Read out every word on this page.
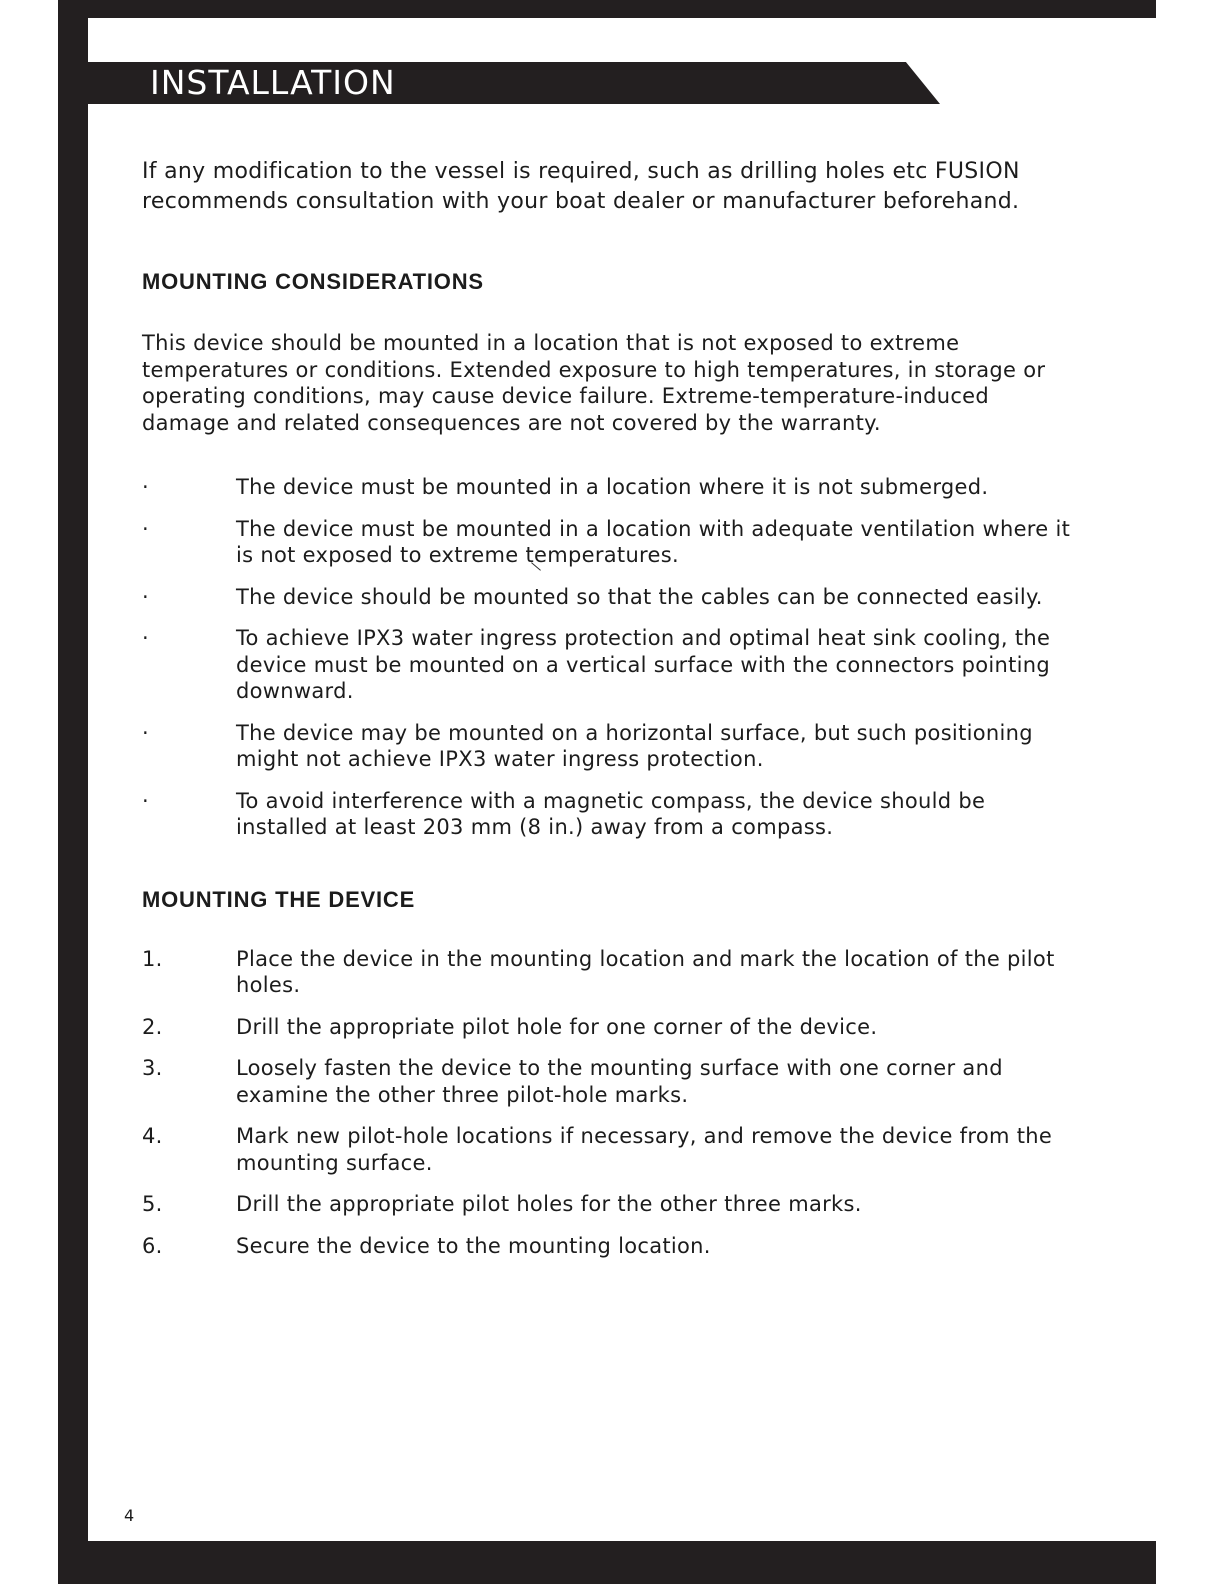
INSTALLATION

If any modification to the vessel is required, such as drilling holes etc FUSION recommends consultation with your boat dealer or manufacturer beforehand.

MOUNTING CONSIDERATIONS

This device should be mounted in a location that is not exposed to extreme temperatures or conditions. Extended exposure to high temperatures, in storage or operating conditions, may cause device failure. Extreme-temperature-induced damage and related consequences are not covered by the warranty.

·	The device must be mounted in a location where it is not submerged.
·	The device must be mounted in a location with adequate ventilation where it is not exposed to extreme temperatures.
·	The device should be mounted so that the cables can be connected easily.
·	To achieve IPX3 water ingress protection and optimal heat sink cooling, the device must be mounted on a vertical surface with the connectors pointing downward.
·	The device may be mounted on a horizontal surface, but such positioning might not achieve IPX3 water ingress protection.
·	To avoid interference with a magnetic compass, the device should be installed at least 203 mm (8 in.) away from a compass.
MOUNTING THE DEVICE
1.	Place the device in the mounting location and mark the location of the pilot holes.
2.	Drill the appropriate pilot hole for one corner of the device.
3.	Loosely fasten the device to the mounting surface with one corner and examine the other three pilot-hole marks.
4.	Mark new pilot-hole locations if necessary, and remove the device from the mounting surface.
5.	Drill the appropriate pilot holes for the other three marks.
6.	Secure the device to the mounting location.
4
